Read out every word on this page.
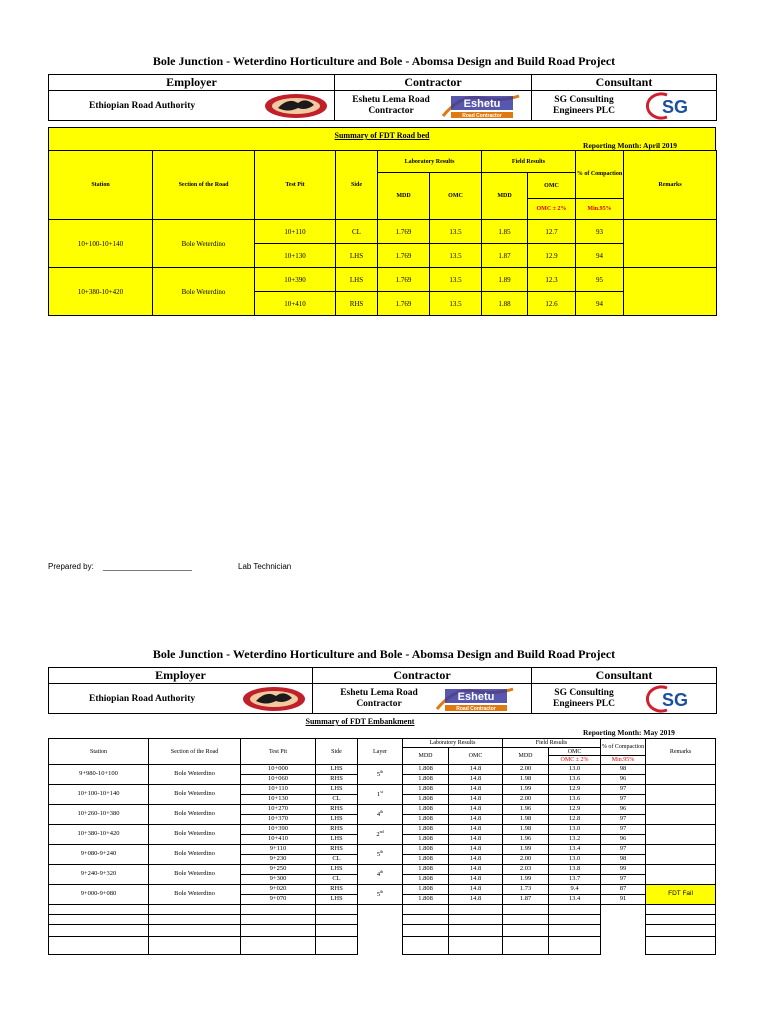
Bole Junction - Weterdino Horticulture and Bole - Abomsa Design and Build Road Project
Employer	Contractor	Consultant

Ethiopian Road Authority	Eshetu Lema Road Contractor
Eshetu
Road Contractor	SG Consulting Engineers PLC SG
Summary of FDT Road bed
Reporting Month: April 2019
Station	Section of the Road	Test Pit	Side	Laboratory Results		Field Results		% of Compaction	Remarks
				MDD	OMC	MDD	OMC		
							OMC ± 2%	Min.95%	
10+100-10+140	Bole Weterdino	10+110	CL	1.769	13.5	1.85	12.7	93	
		10+130	LHS	1.769	13.5	1.87	12.9	94	
10+380-10+420	Bole Weterdino	10+390	LHS	1.769	13.5	1.89	12.3	95	
		10+410	RHS	1.769	13.5	1.88	12.6	94	
Prepared by: ____________________	Lab Technician
Bole Junction - Weterdino Horticulture and Bole - Abomsa Design and Build Road Project
Employer	Contractor	Consultant

Ethiopian Road Authority	Eshetu Lema Road Contractor
Eshetu
Road Contractor	SG Consulting Engineers PLC SG
Summary of FDT Embankment
Reporting Month: May 2019
Station	Section of the Road	Test Pit	Side	Layer	Laboratory Results		Field Results		% of Compaction	Remarks
					MDD	OMC	MDD	OMC		
								OMC ± 2%	Min.95%	
9+980-10+100	Bole Weterdino	10+000	LHS	5th	1.808	14.8	2.00	13.0	98	
		10+060	RHS		1.808	14.8	1.98	13.6	96	
10+100-10+140	Bole Weterdino	10+110	LHS	1st	1.808	14.8	1.99	12.9	97	
		10+130	CL		1.808	14.8	2.00	13.6	97	
10+260-10+380	Bole Weterdino	10+270	RHS	4th	1.808	14.8	1.96	12.9	96	
		10+370	LHS		1.808	14.8	1.98	12.8	97	
10+380-10+420	Bole Weterdino	10+390	RHS	2nd	1.808	14.8	1.98	13.0	97	
		10+410	LHS		1.808	14.8	1.96	13.2	96	
9+080-9+240	Bole Weterdino	9+110	RHS	5th	1.808	14.8	1.99	13.4	97	
		9+230	CL		1.808	14.8	2.00	13.0	98	
9+240-9+320	Bole Weterdino	9+250	LHS	4th	1.808	14.8	2.03	13.8	99	
		9+300	CL		1.808	14.8	1.99	13.7	97	
9+000-9+080	Bole Weterdino	9+020	RHS	5th	1.808	14.8	1.73	9.4	87	FDT Fail
		9+070	LHS		1.808	14.8	1.87	13.4	91	
